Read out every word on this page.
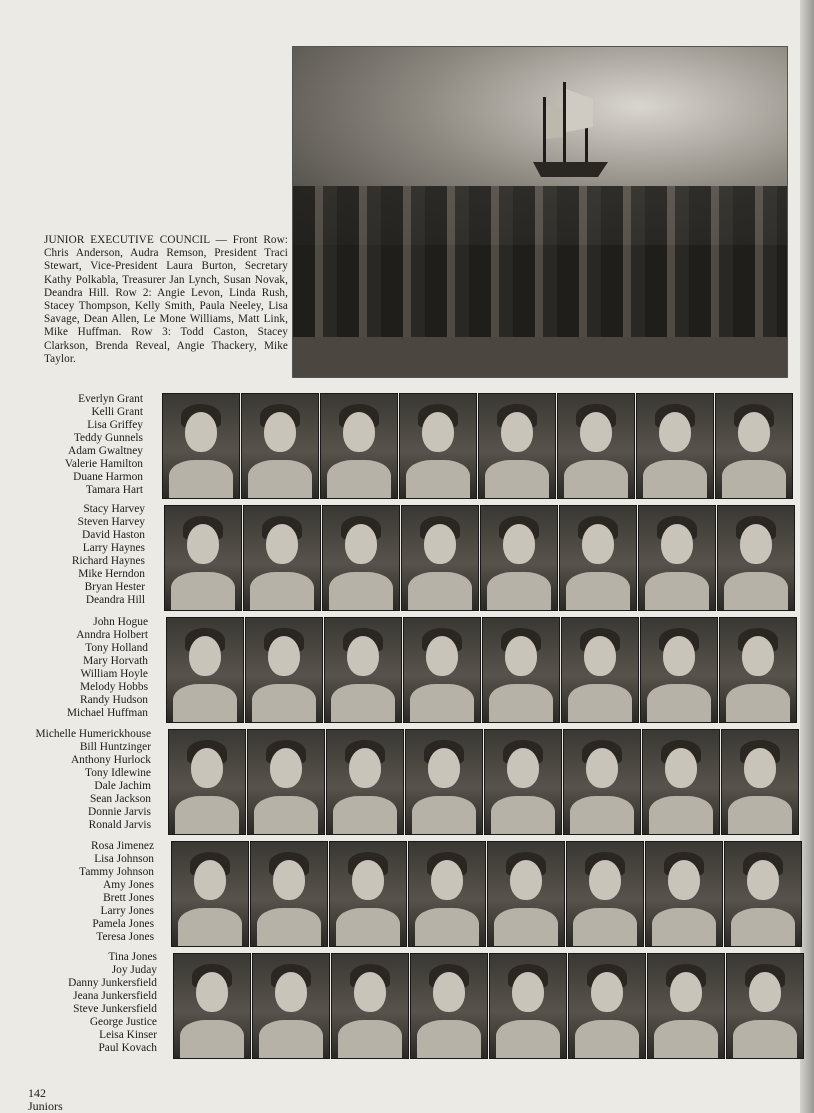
JUNIOR EXECUTIVE COUNCIL — Front Row: Chris Anderson, Audra Remson, President Traci Stewart, Vice-President Laura Burton, Secretary Kathy Polkabla, Treasurer Jan Lynch, Susan Novak, Deandra Hill. Row 2: Angie Levon, Linda Rush, Stacey Thompson, Kelly Smith, Paula Neeley, Lisa Savage, Dean Allen, Le Mone Williams, Matt Link, Mike Huffman. Row 3: Todd Caston, Stacey Clarkson, Brenda Reveal, Angie Thackery, Mike Taylor.
Everlyn Grant
Kelli Grant
Lisa Griffey
Teddy Gunnels
Adam Gwaltney
Valerie Hamilton
Duane Harmon
Tamara Hart
Stacy Harvey
Steven Harvey
David Haston
Larry Haynes
Richard Haynes
Mike Herndon
Bryan Hester
Deandra Hill
John Hogue
Anndra Holbert
Tony Holland
Mary Horvath
William Hoyle
Melody Hobbs
Randy Hudson
Michael Huffman
Michelle Humerickhouse
Bill Huntzinger
Anthony Hurlock
Tony Idlewine
Dale Jachim
Sean Jackson
Donnie Jarvis
Ronald Jarvis
Rosa Jimenez
Lisa Johnson
Tammy Johnson
Amy Jones
Brett Jones
Larry Jones
Pamela Jones
Teresa Jones
Tina Jones
Joy Juday
Danny Junkersfield
Jeana Junkersfield
Steve Junkersfield
George Justice
Leisa Kinser
Paul Kovach
142
Juniors
